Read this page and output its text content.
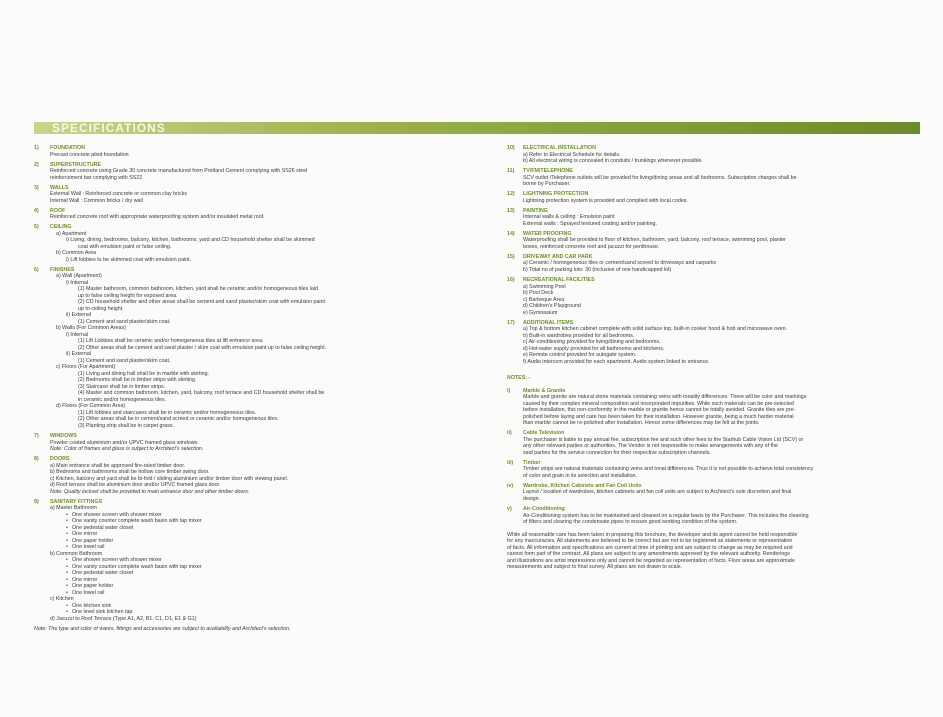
SPECIFICATIONS
1) FOUNDATION
Precast concrete piled foundation
2) SUPERSTRUCTURE
Reinforced concrete using Grade 30 concrete manufactured from Portland Cement complying with SS26 steel
reinforcement bar complying with SS22
3) WALLS
External Wall : Reinforced concrete or common clay bricks
Internal Wall : Common bricks / dry wall
4) ROOF
Reinforced concrete roof with appropriate waterproofing system and/or insulated metal roof.
5) CEILING
a) Apartment
i) Living, dining, bedrooms, balcony, kitchen, bathrooms, yard and CD household shelter shall be skimmed
coat with emulsion paint or false ceiling.
b) Common Area
i) Lift lobbies to be skimmed coat with emulsion paint.
6) FINISHES
a) Wall (Apartment)
i) Internal
(1) Master bathroom, common bathroom, kitchen, yard shall be ceramic and/or homogeneous tiles laid
up to false ceiling height for exposed area.
(2) CD household shelter and other areas shall be cement and sand plaster/skim coat with emulsion paint
up to ceiling height.
ii) External
(1) Cement and sand plaster/skim coat.
b) Walls (For Common Areas)
i) Internal
(1) Lift Lobbies shall be ceramic and/or homogeneous tiles at lift entrance area.
(2) Other areas shall be cement and sand plaster / skim coat with emulsion paint up to false ceiling height.
ii) External
(1) Cement and sand plaster/skim coat.
c) Floors (For Apartment)
(1) Living and dining hall shall be in marble with skirting.
(2) Bedrooms shall be in timber strips with skirting.
(3) Staircase shall be in timber strips.
(4) Master and common bathroom, kitchen, yard, balcony, roof terrace and CD household shelter shall be
in ceramic and/or homogeneous tiles.
d) Floors (For Common Area)
(1) Lift lobbies and staircases shall be in ceramic and/or homogeneous tiles.
(2) Other areas shall be in cement/sand screed or ceramic and/or homogeneous tiles.
(3) Planting strip shall be in carpet grass.
7) WINDOWS
Powder coated aluminium and/or UPVC framed glass windows.
Note: Color of frames and glass is subject to Architect's selection.
8) DOORS
a) Main entrance shall be approved fire-rated timber door.
b) Bedrooms and bathrooms shall be hollow core timber swing door.
c) Kitchen, balcony and yard shall be bi-fold / sliding aluminium and/or timber door with viewing panel.
d) Roof terrace shall be aluminium door and/or UPVC framed glass door.
Note: Quality lockset shall be provided to main entrance door and other timber doors.
9) SANITARY FITTINGS
a) Master Bathroom
• One shower screen with shower mixer
• One vanity counter complete wash basin with tap mixer
• One pedestal water closet
• One mirror
• One paper holder
• One towel rail
b) Common Bathroom
• One shower screen with shower mixer
• One vanity counter complete wash basin with tap mixer
• One pedestal water closet
• One mirror
• One paper holder
• One towel rail
c) Kitchen
• One kitchen sink
• One level sink kitchen tap
d) Jacuzzi to Roof Terrace (Type A1, A2, B1, C1, D1, E1 & G1)
Note: The type and color of wares, fittings and accessories are subject to availability and Architect's selection.
10) ELECTRICAL INSTALLATION
a) Refer to Electrical Schedule for details.
b) All electrical wiring is concealed in conduits / trunkings whenever possible.
11) TV/FM/TELEPHONE
SCV outlet /Telephone outlets will be provided for living/dining areas and all bedrooms. Subscription charges shall be
borne by Purchaser.
12) LIGHTNING PROTECTION
Lightning protection system is provided and complied with local codes.
13) PAINTING
Internal walls & ceiling : Emulsion paint
External walls : Sprayed textured coating and/or painting.
14) WATER PROOFING
Waterproofing shall be provided to floor of kitchen, bathroom, yard, balcony, roof terrace, swimming pool, planter
boxes, reinforced concrete roof and jacuzzi for penthouse.
15) DRIVEWAY AND CAR PARK
a) Ceramic / homogeneous tiles or cement/sand screed to driveways and carparks
b) Total no of parking lots: 30 (inclusive of one handicapped lot)
16) RECREATIONAL FACILITIES
a) Swimming Pool
b) Pool Deck
c) Barbeque Area
d) Children's Playground
e) Gymnasium
17) ADDITIONAL ITEMS
a) Top & bottom kitchen cabinet complete with solid surface top, built-in cooker hood & hob and microwave oven.
b) Built-in wardrobes provided for all bedrooms.
c) Air-conditioning provided for living/dining and bedrooms.
d) Hot-water supply provided for all bathrooms and kitchens.
e) Remote control provided for autogate system.
f) Audio intercom provided for each apartment. Audio system linked to entrance.
NOTES: -
i) Marble & Granite
Marble and granite are natural stone materials containing veins with tonality differences. There will be color and markings
caused by their complex mineral composition and incorporated impurities. While such materials can be pre-selected
before installation, this non-conformity in the marble or granite hence cannot be totally avoided. Granite tiles are pre-
polished before laying and care has been taken for their installation. However granite, being a much harder material
than marble cannot be re-polished after installation. Hence some differences may be felt at the joints.
ii) Cable Television
The purchaser is liable to pay annual fee, subscription fee and such other fees to the Starhub Cable Vision Ltd (SCV) or
any other relevant parties or authorities. The Vendor is not responsible to make arrangements with any of the
said parties for the service connection for their respective subscription channels.
iii) Timber
Timber strips are natural materials containing veins and tonal differences. Thus it is not possible to achieve total consistency
of color and grain in its selection and installation.
iv) Wardrobe, Kitchen Cabinets and Fan Coil Units
Layout / location of wardrobes, kitchen cabinets and fan coil units are subject to Architect's sole discretion and final
design.
v) Air-Conditioning
Air-Conditioning system has to be maintained and cleaned on a regular basis by the Purchaser. This includes the cleaning
of filters and clearing the condensate pipes to ensure good working condition of the system.
While all reasonable care has been taken in preparing this brochure, the developer and its agent cannot be held responsible
for any inaccuracies. All statements are believed to be correct but are not to be registered as statements or representation
of facts. All information and specifications are current at time of printing and are subject to change as may be required and
cannot form part of the contract. All plans are subject to any amendments approved by the relevant authority. Renderings
and illustrations are artist impressions only and cannot be regarded as representation of facts. Floor areas are approximate
measurements and subject to final survey. All plans are not drawn to scale.
